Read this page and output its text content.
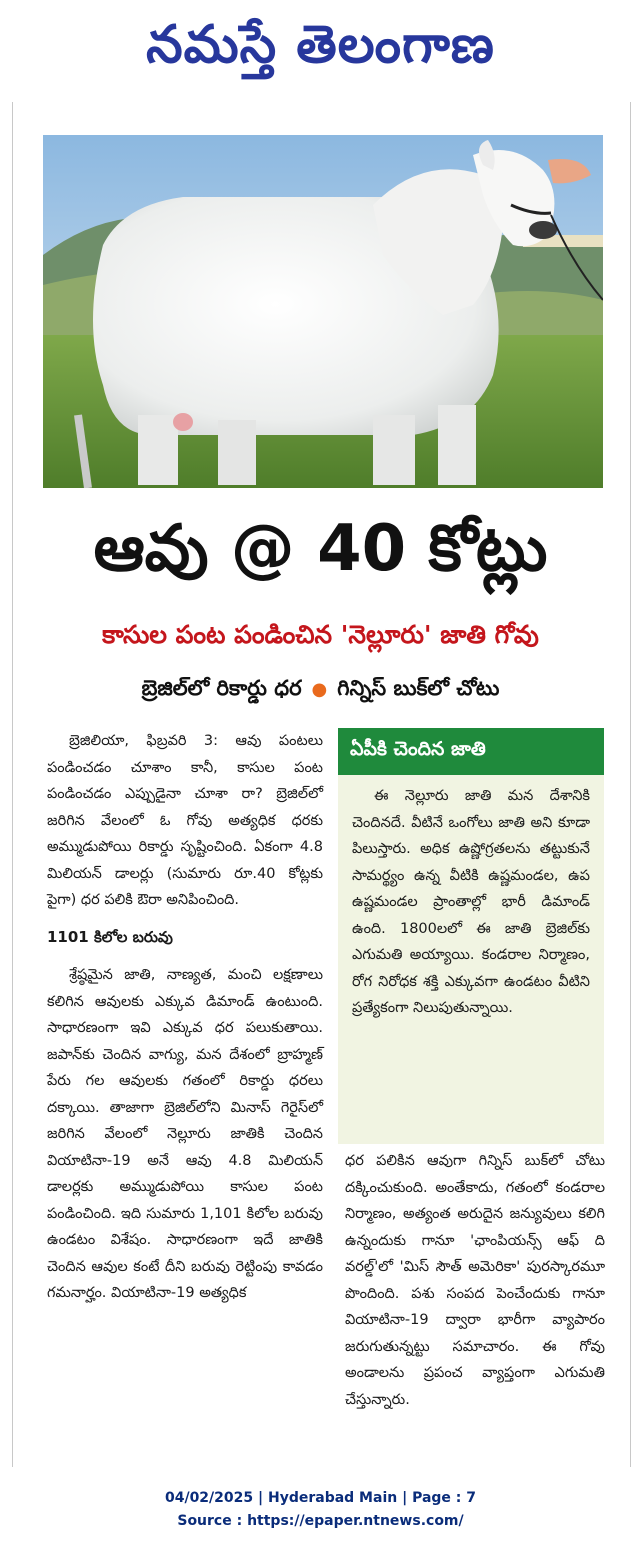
నమస్తే తెలంగాణ
ఆవు @ 40 కోట్లు
కాసుల పంట పండించిన 'నెల్లూరు' జాతి గోవు
బ్రెజిల్‌లో రికార్డు ధర ● గిన్నిస్ బుక్‌లో చోటు

బ్రెజిలియా, ఫిబ్రవరి 3: ఆవు పంటలు పండించడం చూశాం కానీ, కాసుల పంట పండించడం ఎప్పుడైనా చూశా రా? బ్రెజిల్‌లో జరిగిన వేలంలో ఓ గోవు అత్యధిక ధరకు అమ్ముడుపోయి రికార్డు సృష్టించింది. ఏకంగా 4.8 మిలియన్ డాలర్లు (సుమారు రూ.40 కోట్లకు పైగా) ధర పలికి ఔరా అనిపించింది.

1101 కిలోల బరువు

శ్రేష్ఠమైన జాతి, నాణ్యత, మంచి లక్షణాలు కలిగిన ఆవులకు ఎక్కువ డిమాండ్ ఉంటుంది. సాధారణంగా ఇవి ఎక్కువ ధర పలుకుతాయి. జపాన్‌కు చెందిన వాగ్యు, మన దేశంలో బ్రాహ్మణ్ పేరు గల ఆవులకు గతంలో రికార్డు ధరలు దక్కాయి. తాజాగా బ్రెజిల్‌లోని మినాస్ గెరైస్‌లో జరిగిన వేలంలో నెల్లూరు జాతికి చెందిన వియాటినా-19 అనే ఆవు 4.8 మిలియన్ డాలర్లకు అమ్ముడుపోయి కాసుల పంట పండించింది. ఇది సుమారు 1,101 కిలోల బరువు ఉండటం విశేషం. సాధారణంగా ఇదే జాతికి చెందిన ఆవుల కంటే దీని బరువు రెట్టింపు కావడం గమనార్హం. వియాటినా-19 అత్యధిక

ఏపీకి చెందిన జాతి

ఈ నెల్లూరు జాతి మన దేశానికి చెందినదే. వీటినే ఒంగోలు జాతి అని కూడా పిలుస్తారు. అధిక ఉష్ణోగ్రతలను తట్టుకునే సామర్థ్యం ఉన్న వీటికి ఉష్ణమండల, ఉప ఉష్ణమండల ప్రాంతాల్లో భారీ డిమాండ్ ఉంది. 1800లలో ఈ జాతి బ్రెజిల్‌కు ఎగుమతి అయ్యాయి. కండరాల నిర్మాణం, రోగ నిరోధక శక్తి ఎక్కువగా ఉండటం వీటిని ప్రత్యేకంగా నిలుపుతున్నాయి.

ధర పలికిన ఆవుగా గిన్నిస్ బుక్‌లో చోటు దక్కించుకుంది. అంతేకాదు, గతంలో కండరాల నిర్మాణం, అత్యంత అరుదైన జన్యువులు కలిగి ఉన్నందుకు గానూ 'ఛాంపియన్స్ ఆఫ్ ది వరల్డ్'లో 'మిస్ సౌత్ అమెరికా' పురస్కారమూ పొందింది. పశు సంపద పెంచేందుకు గానూ వియాటినా-19 ద్వారా భారీగా వ్యాపారం జరుగుతున్నట్టు సమాచారం. ఈ గోవు అండాలను ప్రపంచ వ్యాప్తంగా ఎగుమతి చేస్తున్నారు.

04/02/2025 | Hyderabad Main | Page : 7
Source : https://epaper.ntnews.com/
